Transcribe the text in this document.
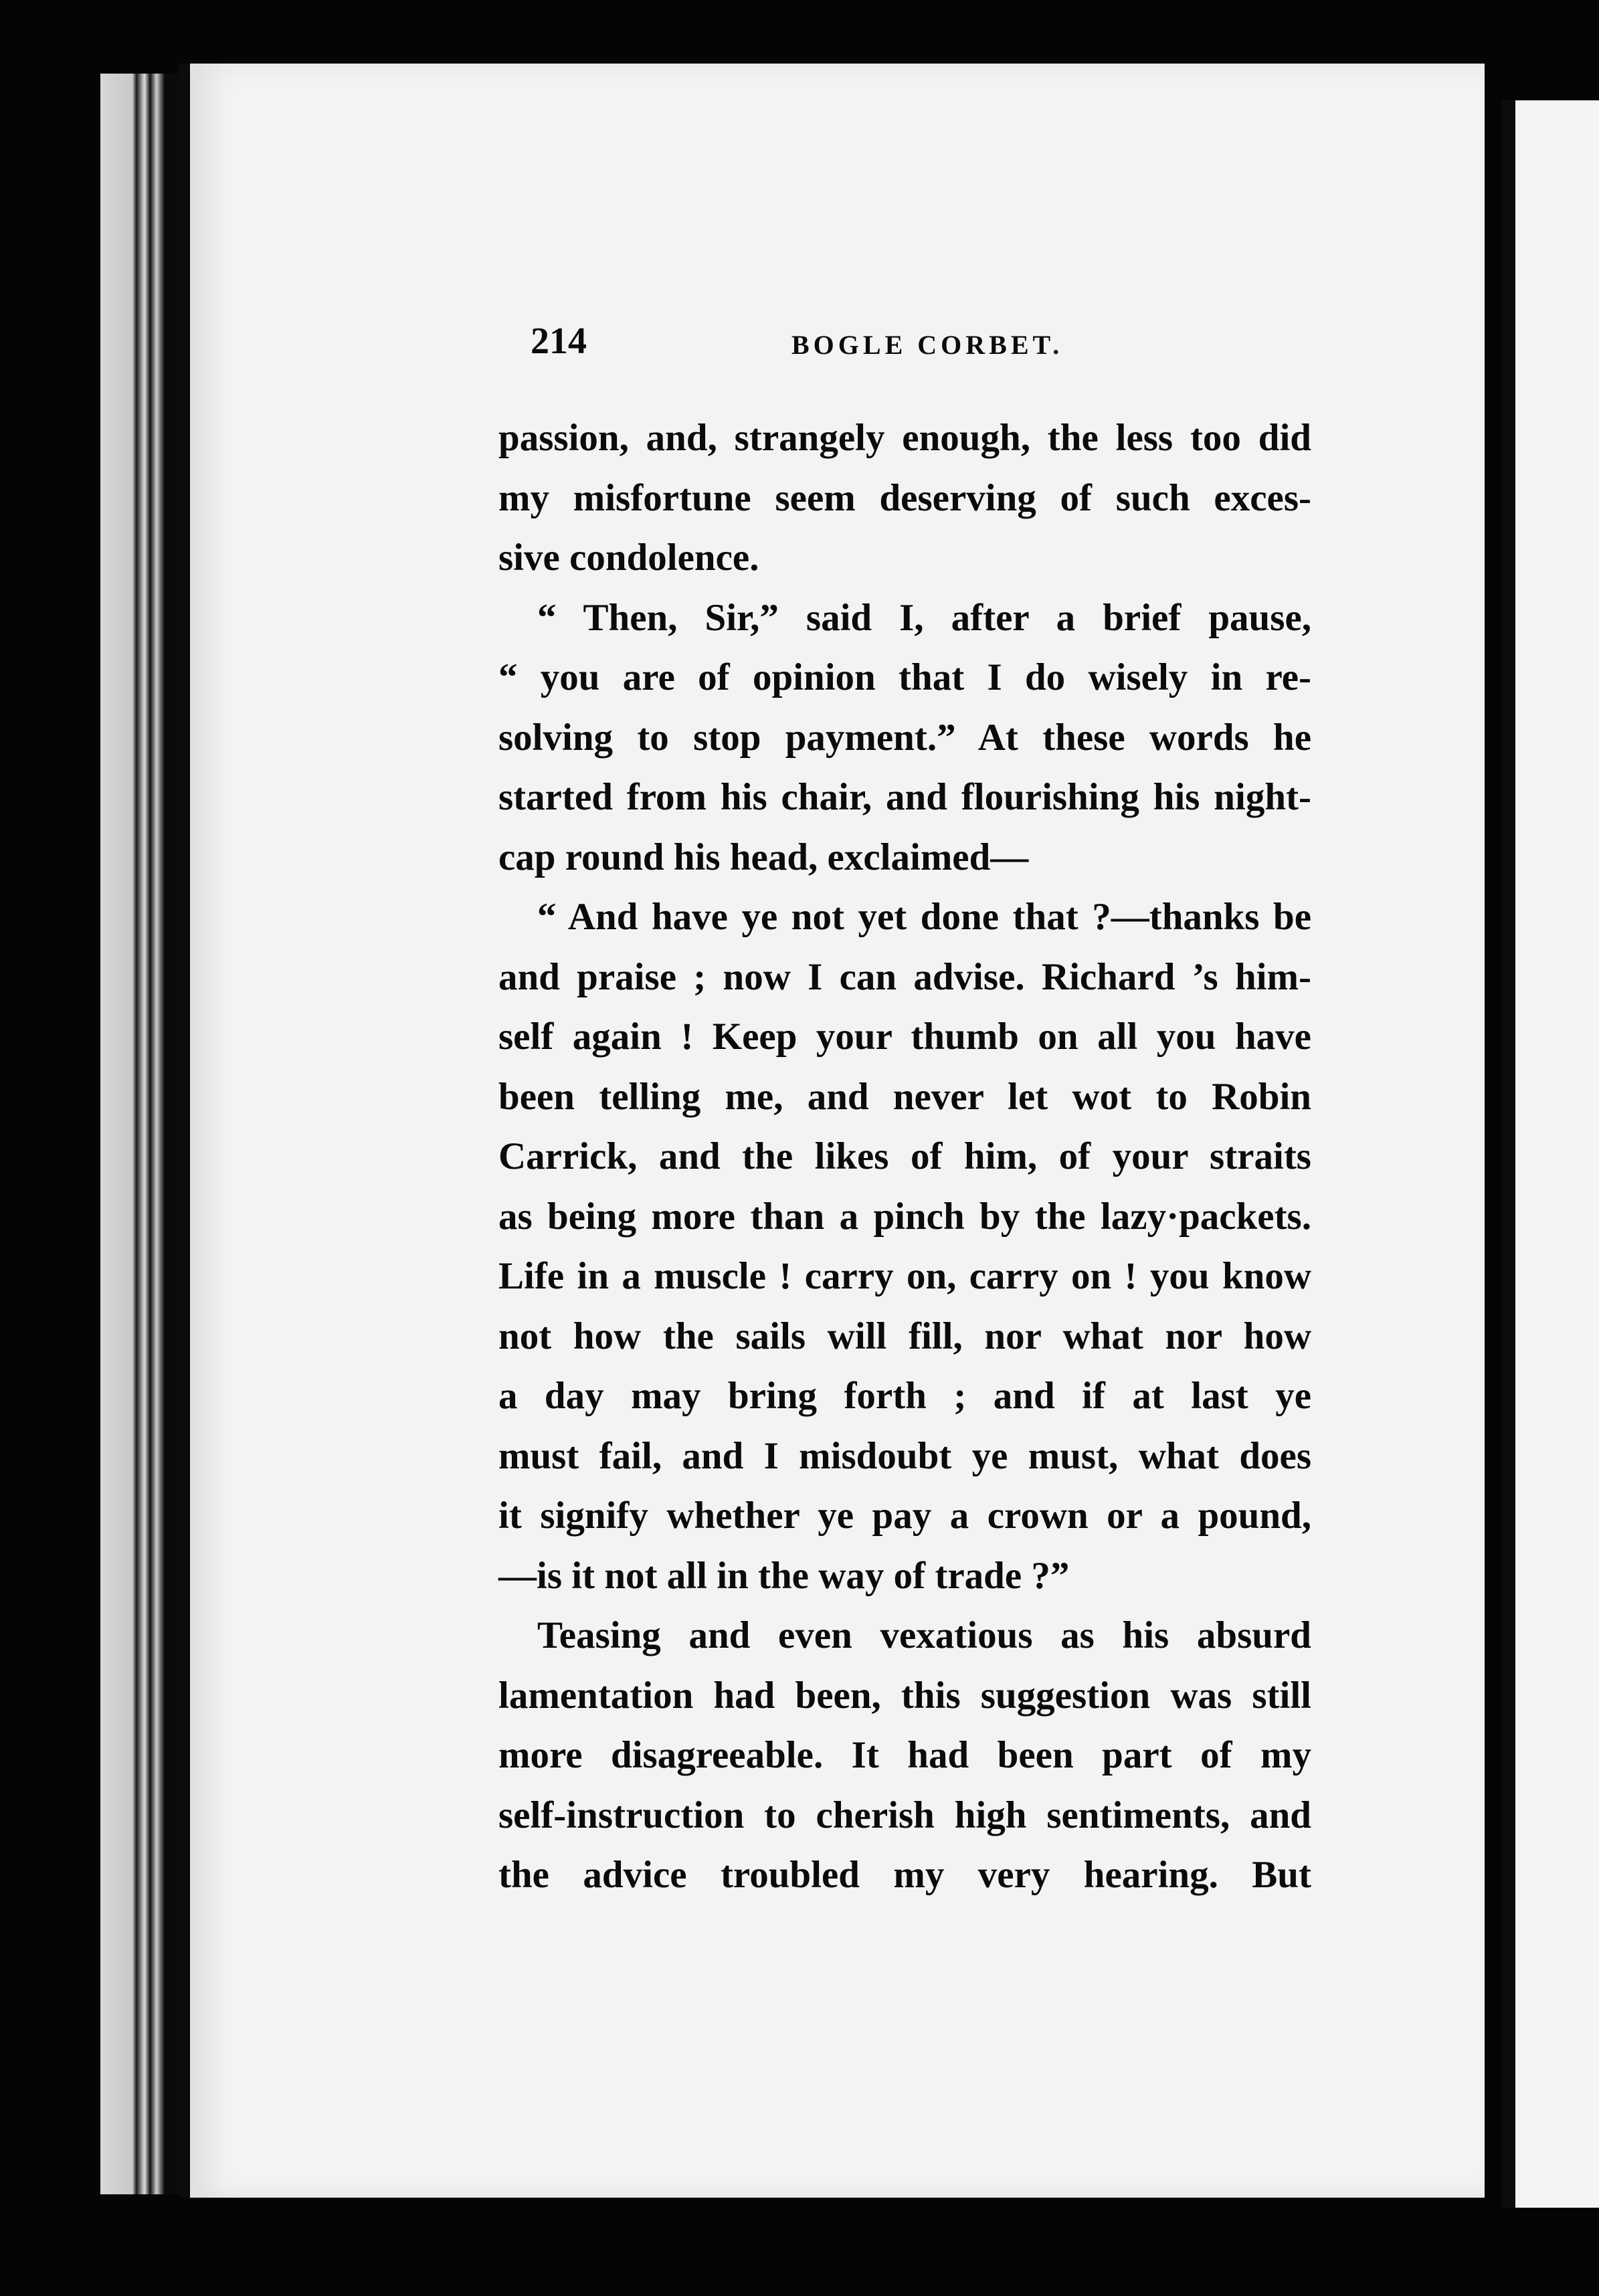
214	BOGLE CORBET.
passion, and, strangely enough, the less too did
my misfortune seem deserving of such exces-
sive condolence.
“ Then, Sir,” said I, after a brief pause,
“ you are of opinion that I do wisely in re-
solving to stop payment.” At these words he
started from his chair, and flourishing his night-
cap round his head, exclaimed—
“ And have ye not yet done that ?—thanks be
and praise ; now I can advise. Richard ’s him-
self again ! Keep your thumb on all you have
been telling me, and never let wot to Robin
Carrick, and the likes of him, of your straits
as being more than a pinch by the lazy·packets.
Life in a muscle ! carry on, carry on ! you know
not how the sails will fill, nor what nor how
a day may bring forth ; and if at last ye
must fail, and I misdoubt ye must, what does
it signify whether ye pay a crown or a pound,
—is it not all in the way of trade ?”
Teasing and even vexatious as his absurd
lamentation had been, this suggestion was still
more disagreeable. It had been part of my
self-instruction to cherish high sentiments, and
the advice troubled my very hearing. But
